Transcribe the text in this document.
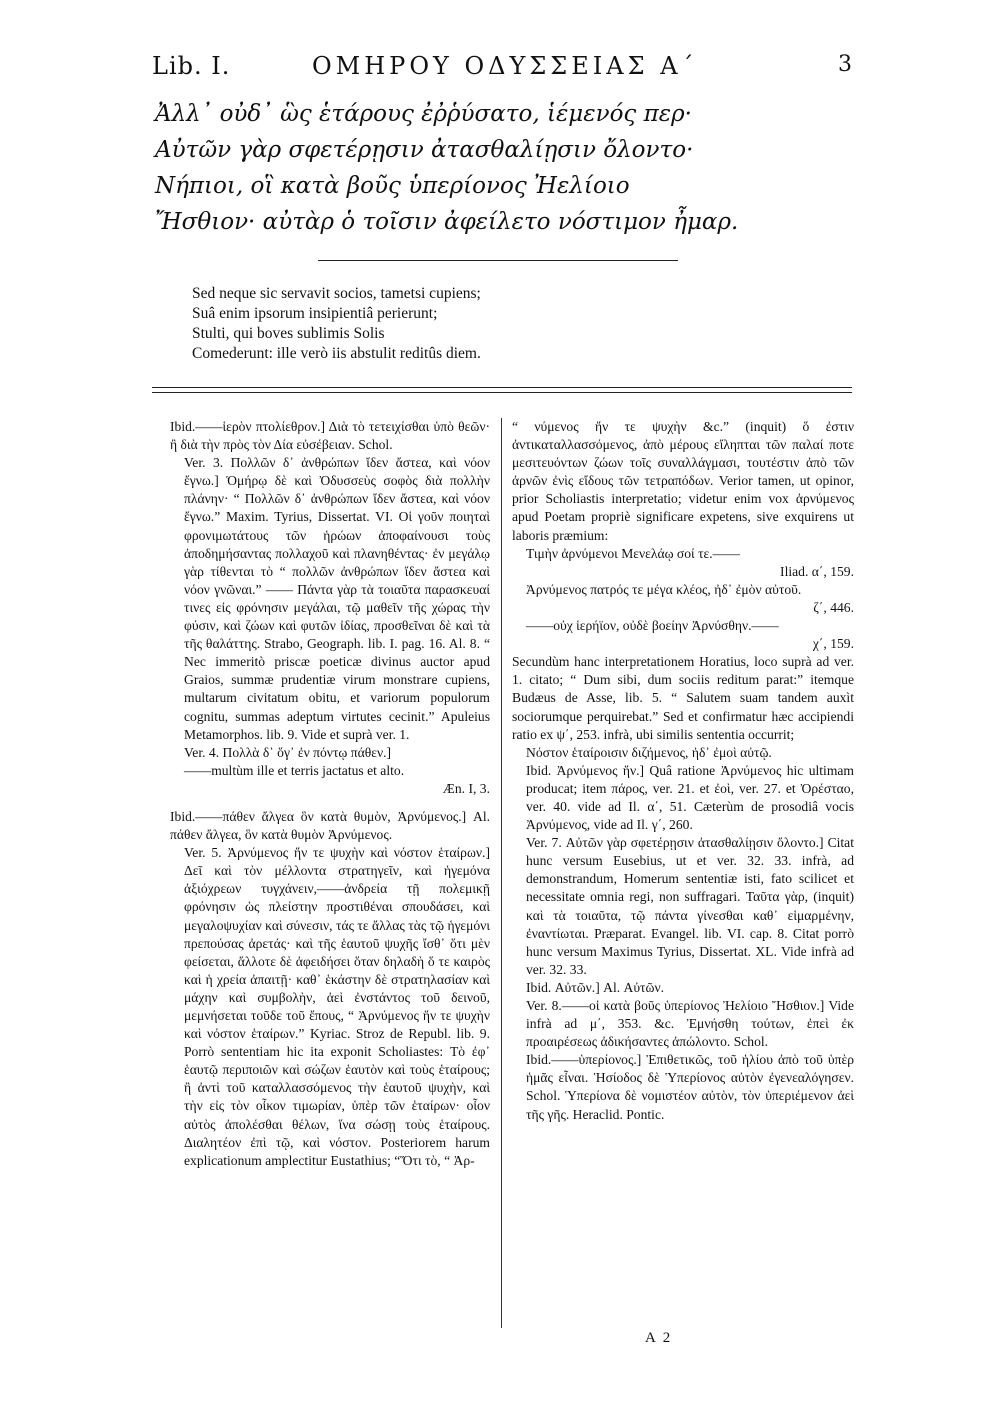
Lib. I.	ΟΜΗΡΟΥ ΟΔΥΣΣΕΙΑΣ Α΄	3
Ἀλλ᾽ οὐδ᾽ ὣς ἑτάρους ἐῤῥύσατο, ἱέμενός περ·
Αὐτῶν γὰρ σφετέρῃσιν ἀτασθαλίῃσιν ὄλοντο·
Νήπιοι, οἳ κατὰ βοῦς ὑπερίονος Ἠελίοιο
Ἤσθιον· αὐτὰρ ὁ τοῖσιν ἀφείλετο νόστιμον ἦμαρ.
Sed neque sic servavit socios, tametsi cupiens;
Suâ enim ipsorum insipientiâ perierunt;
Stulti, qui boves sublimis Solis
Comederunt: ille verò iis abstulit reditûs diem.

Ibid.——ἱερὸν πτολίεθρον.] Διὰ τὸ τετειχίσθαι ὑπὸ θεῶν· ἢ διὰ τὴν πρὸς τὸν Δία εὐσέβειαν. Schol.

Ver. 3. Πολλῶν δ᾽ ἀνθρώπων ἴδεν ἄστεα, καὶ νόον ἔγνω.] Ὁμήρῳ δὲ καὶ Ὀδυσσεὺς σοφὸς διὰ πολλὴν πλάνην· “ Πολλῶν δ᾽ ἀνθρώπων ἴδεν ἄστεα, καὶ νόον ἔγνω.” Maxim. Tyrius, Dissertat. VI. Οἱ γοῦν ποιηταὶ φρονιμωτάτους τῶν ἡρώων ἀποφαίνουσι τοὺς ἀποδημήσαντας πολλαχοῦ καὶ πλανηθέντας· ἐν μεγάλῳ γὰρ τίθενται τὸ “ πολλῶν ἀνθρώπων ἴδεν ἄστεα καὶ νόον γνῶναι.” —— Πάντα γὰρ τὰ τοιαῦτα παρασκευαί τινες εἰς φρόνησιν μεγάλαι, τῷ μαθεῖν τῆς χώρας τὴν φύσιν, καὶ ζώων καὶ φυτῶν ἰδίας, προσθεῖναι δὲ καὶ τὰ τῆς θαλάττης. Strabo, Geograph. lib. I. pag. 16. Al. 8. “ Nec immeritò priscæ poeticæ divinus auctor apud Graios, summæ prudentiæ virum monstrare cupiens, multarum civitatum obitu, et variorum populorum cognitu, summas adeptum virtutes cecinit.” Apuleius Metamorphos. lib. 9. Vide et suprà ver. 1.

Ver. 4. Πολλὰ δ᾽ ὅγ᾽ ἐν πόντῳ πάθεν.]

——multùm ille et terris jactatus et alto.

Æn. I, 3.

Ibid.——πάθεν ἄλγεα ὃν κατὰ θυμὸν, Ἀρνύμενος.] Al. πάθεν ἄλγεα, ὃν κατὰ θυμὸν Ἀρνύμενος.

Ver. 5. Ἀρνύμενος ἥν τε ψυχὴν καὶ νόστον ἑταίρων.] Δεῖ καὶ τὸν μέλλοντα στρατηγεῖν, καὶ ἡγεμόνα ἀξιόχρεων τυγχάνειν,——ἀνδρεία τῇ πολεμικῇ φρόνησιν ὡς πλείστην προστιθέναι σπουδάσει, καὶ μεγαλοψυχίαν καὶ σύνεσιν, τάς τε ἄλλας τὰς τῷ ἡγεμόνι πρεπούσας ἀρετάς· καὶ τῆς ἑαυτοῦ ψυχῆς ἴσθ᾽ ὅτι μὲν φείσεται, ἄλλοτε δὲ ἀφειδήσει ὅταν δηλαδὴ ὅ τε καιρὸς καὶ ἡ χρεία ἀπαιτῇ· καθ᾽ ἑκάστην δὲ στρατηλασίαν καὶ μάχην καὶ συμβολὴν, ἀεὶ ἐνστάντος τοῦ δεινοῦ, μεμνήσεται τοῦδε τοῦ ἔπους, “ Ἀρνύμενος ἥν τε ψυχὴν καὶ νόστον ἑταίρων.” Kyriac. Stroz de Republ. lib. 9. Porrò sententiam hic ita exponit Scholiastes: Τὸ ἐφ᾽ ἑαυτῷ περιποιῶν καὶ σώζων ἑαυτὸν καὶ τοὺς ἑταίρους; ἢ ἀντὶ τοῦ καταλλασσόμενος τὴν ἑαυτοῦ ψυχὴν, καὶ τὴν εἰς τὸν οἶκον τιμωρίαν, ὑπὲρ τῶν ἑταίρων· οἷον αὐτὸς ἀπολέσθαι θέλων, ἵνα σώσῃ τοὺς ἑταίρους. Διαλητέον ἐπὶ τῷ, καὶ νόστον. Posteriorem harum explicationum amplectitur Eustathius; “Ὅτι τὸ, “ Ἀρ-

“ νύμενος ἥν τε ψυχὴν &c.” (inquit) ὅ ἐστιν ἀντικαταλλασσόμενος, ἀπὸ μέρους εἴληπται τῶν παλαί ποτε μεσιτευόντων ζώων τοῖς συναλλάγμασι, τουτέστιν ἀπὸ τῶν ἀρνῶν ἐνὶς εἴδους τῶν τετραπόδων. Verior tamen, ut opinor, prior Scholiastis interpretatio; videtur enim vox ἀρνύμενος apud Poetam propriè significare expetens, sive exquirens ut laboris præmium:

Τιμὴν ἀρνύμενοι Μενελάῳ σοί τε.——

Iliad. α΄, 159.

Ἀρνύμενος πατρός τε μέγα κλέος, ἠδ᾽ ἐμὸν αὐτοῦ.

ζ΄, 446.

——οὐχ ἱερήϊον, οὐδὲ βοείην Ἀρνύσθην.——

χ΄, 159.

Secundùm hanc interpretationem Horatius, loco suprà ad ver. 1. citato; “ Dum sibi, dum sociis reditum parat:” itemque Budæus de Asse, lib. 5. “ Salutem suam tandem auxìt sociorumque perquirebat.” Sed et confirmatur hæc accipiendi ratio ex ψ΄, 253. infrà, ubi similis sententia occurrit;

Νόστον ἑταίροισιν διζήμενος, ἠδ᾽ ἐμοὶ αὐτῷ.

Ibid. Ἀρνύμενος ἥν.] Quâ ratione Ἀρνύμενος hic ultimam producat; item πάρος, ver. 21. et ἐοὶ, ver. 27. et Ὀρέσταο, ver. 40. vide ad Il. α΄, 51. Cæterùm de prosodiâ vocis Ἀρνύμενος, vide ad Il. γ΄, 260.

Ver. 7. Αὐτῶν γὰρ σφετέρῃσιν ἀτασθαλίῃσιν ὄλοντο.] Citat hunc versum Eusebius, ut et ver. 32. 33. infrà, ad demonstrandum, Homerum sententiæ isti, fato scilicet et necessitate omnia regi, non suffragari. Ταῦτα γὰρ, (inquit) καὶ τὰ τοιαῦτα, τῷ πάντα γίνεσθαι καθ᾽ εἱμαρμένην, ἐναντίωται. Præparat. Evangel. lib. VI. cap. 8. Citat porrò hunc versum Maximus Tyrius, Dissertat. XL. Vide infrà ad ver. 32. 33.

Ibid. Αὐτῶν.] Al. Αὐτῶν.

Ver. 8.——οἱ κατὰ βοῦς ὑπερίονος Ἠελίοιο Ἤσθιον.] Vide infrà ad μ΄, 353. &c. Ἐμνήσθη τούτων, ἐπεὶ ἐκ προαιρέσεως ἀδικήσαντες ἀπώλοντο. Schol.

Ibid.——ὑπερίονος.] Ἐπιθετικῶς, τοῦ ἡλίου ἀπὸ τοῦ ὑπὲρ ἡμᾶς εἶναι. Ἡσίοδος δὲ Ὑπερίονος αὐτὸν ἐγενεαλόγησεν. Schol. Ὑπερίονα δὲ νομιστέον αὐτὸν, τὸν ὑπεριέμενον ἀεὶ τῆς γῆς. Heraclid. Pontic.

A 2
